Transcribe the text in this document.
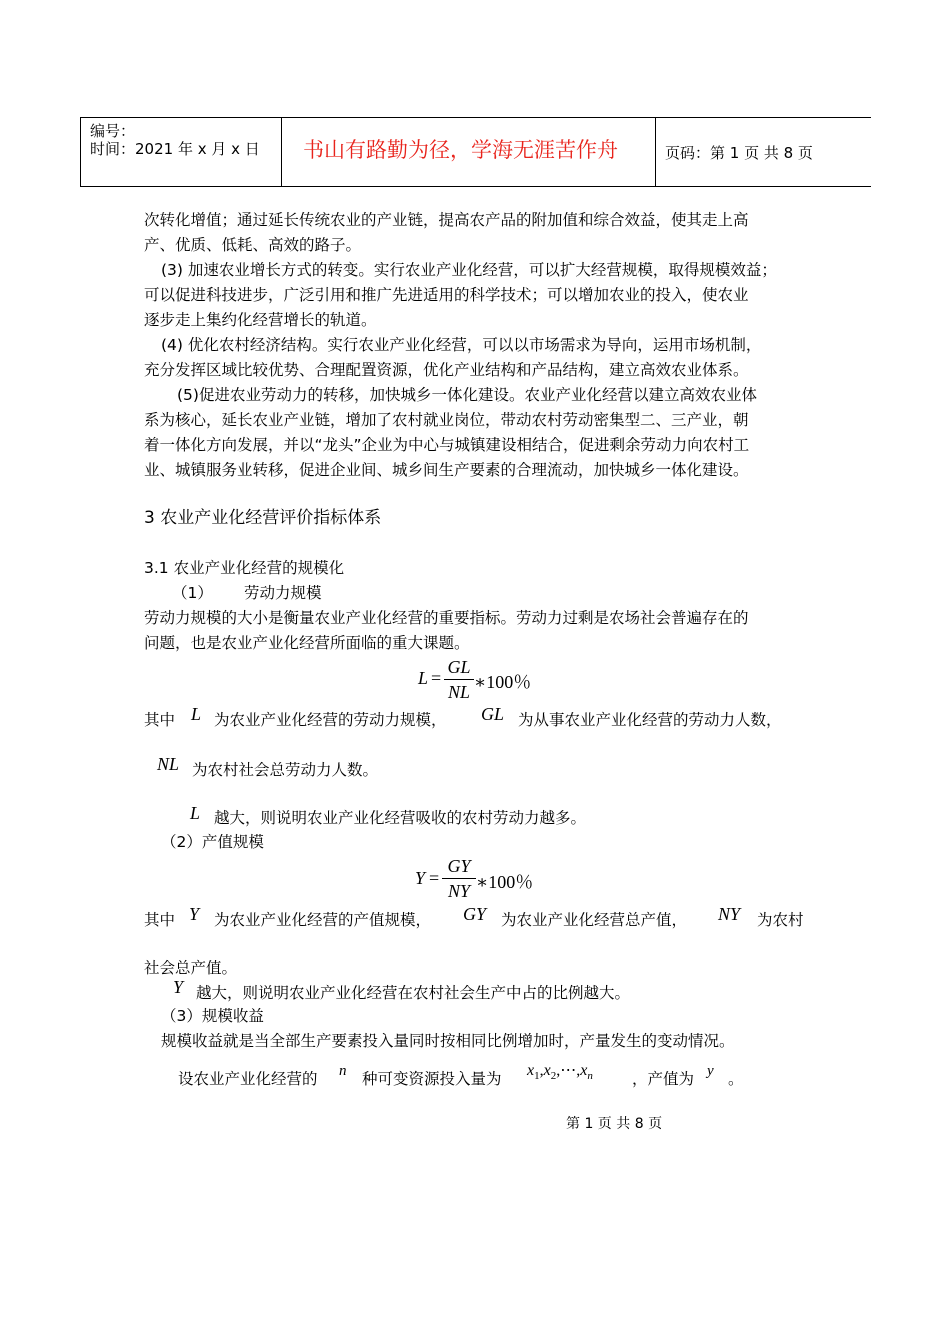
编号：
时间：2021 年 x 月 x 日 书山有路勤为径，学海无涯苦作舟	页码：第 1 页 共 8 页
次转化增值；通过延长传统农业的产业链，提高农产品的附加值和综合效益，使其走上高
产、优质、低耗、高效的路子。
(3) 加速农业增长方式的转变。实行农业产业化经营，可以扩大经营规模，取得规模效益；
可以促进科技进步，广泛引用和推广先进适用的科学技术；可以增加农业的投入，使农业
逐步走上集约化经营增长的轨道。
(4) 优化农村经济结构。实行农业产业化经营，可以以市场需求为导向，运用市场机制，
充分发挥区域比较优势、合理配置资源，优化产业结构和产品结构，建立高效农业体系。
(5)促进农业劳动力的转移，加快城乡一体化建设。农业产业化经营以建立高效农业体
系为核心，延长农业产业链，增加了农村就业岗位，带动农村劳动密集型二、三产业，朝
着一体化方向发展，并以“龙头”企业为中心与城镇建设相结合，促进剩余劳动力向农村工
业、城镇服务业转移，促进企业间、城乡间生产要素的合理流动，加快城乡一体化建设。
3 农业产业化经营评价指标体系
3.1 农业产业化经营的规模化
（1） 劳动力规模
劳动力规模的大小是衡量农业产业化经营的重要指标。劳动力过剩是农场社会普遍存在的
问题，也是农业产业化经营所面临的重大课题。
L =
GL
NL ∗100％
其中 L 为农业产业化经营的劳动力规模， GL 为从事农业产业化经营的劳动力人数，
NL 为农村社会总劳动力人数。
L 越大，则说明农业产业化经营吸收的农村劳动力越多。
（2）产值规模
Y =
GY
NY ∗100％
其中 Y 为农业产业化经营的产值规模， GY 为农业产业化经营总产值， NY 为农村
社会总产值。
Y 越大，则说明农业产业化经营在农村社会生产中占的比例越大。
（3）规模收益
规模收益就是当全部生产要素投入量同时按相同比例增加时，产量发生的变动情况。
设农业产业化经营的 n 种可变资源投入量为 $x_1,x_2,\cdots,x_n$	，产值为 y 。
第 1 页 共 8 页
